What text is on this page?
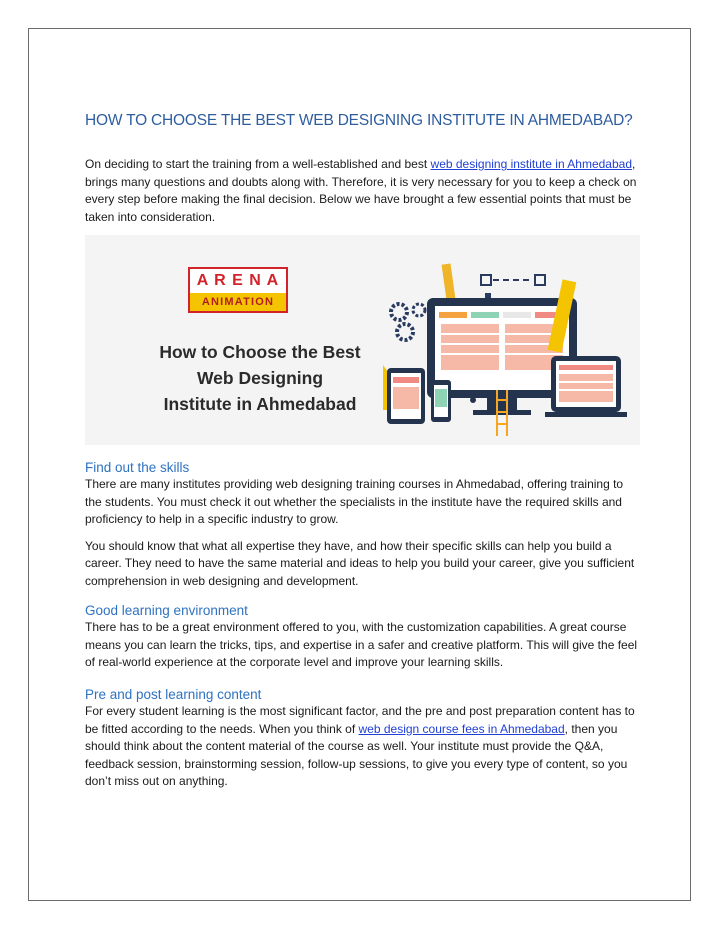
HOW TO CHOOSE THE BEST WEB DESIGNING INSTITUTE IN AHMEDABAD?

On deciding to start the training from a well-established and best web designing institute in Ahmedabad, brings many questions and doubts along with. Therefore, it is very necessary for you to keep a check on every step before making the final decision. Below we have brought a few essential points that must be taken into consideration.

A R E N A
ANIMATION
How to Choose the Best
Web Designing
Institute in Ahmedabad
Find out the skills

There are many institutes providing web designing training courses in Ahmedabad, offering training to the students. You must check it out whether the specialists in the institute have the required skills and proficiency to help in a specific industry to grow.

You should know that what all expertise they have, and how their specific skills can help you build a career. They need to have the same material and ideas to help you build your career, give you sufficient comprehension in web designing and development.

Good learning environment

There has to be a great environment offered to you, with the customization capabilities. A great course means you can learn the tricks, tips, and expertise in a safer and creative platform. This will give the feel of real-world experience at the corporate level and improve your learning skills.

Pre and post learning content

For every student learning is the most significant factor, and the pre and post preparation content has to be fitted according to the needs. When you think of web design course fees in Ahmedabad, then you should think about the content material of the course as well. Your institute must provide the Q&A, feedback session, brainstorming session, follow-up sessions, to give you every type of content, so you don’t miss out on anything.
